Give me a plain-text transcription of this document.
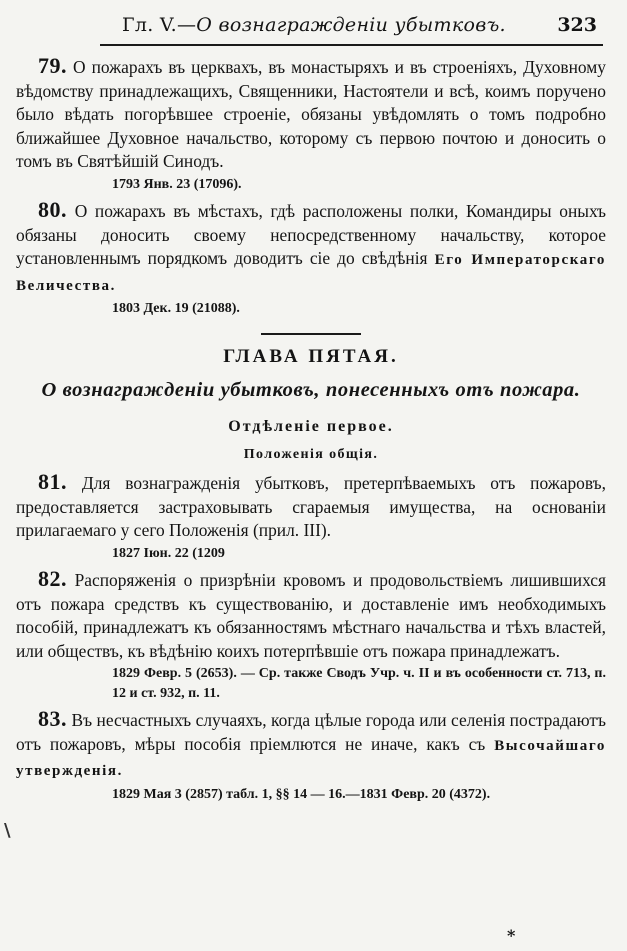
Гл. V.—О вознагражденіи убытковъ.	323

79. О пожарахъ въ церквахъ, въ монастыряхъ и въ строеніяхъ, Духовному вѣдомству принадлежащихъ, Священники, Настоятели и всѣ, коимъ поручено было вѣдать погорѣвшее строеніе, обязаны увѣдомлять о томъ подробно ближайшее Духовное начальство, которому съ первою почтою и доносить о томъ въ Святѣйшій Синодъ.

1793 Янв. 23 (17096).

80. О пожарахъ въ мѣстахъ, гдѣ расположены полки, Командиры оныхъ обязаны доносить своему непосредственному начальству, которое установленнымъ порядкомъ доводитъ сіе до свѣдѣнія Его Императорскаго Величества.

1803 Дек. 19 (21088).

ГЛАВА ПЯТАЯ.

О вознагражденіи убытковъ, понесенныхъ отъ пожара.

Отдѣленіе первое.

Положенія общія.

81. Для вознагражденія убытковъ, претерпѣваемыхъ отъ пожаровъ, предоставляется застраховывать сгараемыя имущества, на основаніи прилагаемаго у сего Положенія (прил. III).

1827 Іюн. 22 (1209

82. Распоряженія о призрѣніи кровомъ и продовольствіемъ лишившихся отъ пожара средствъ къ существованію, и доставленіе имъ необходимыхъ пособій, принадлежатъ къ обязанностямъ мѣстнаго начальства и тѣхъ властей, или обществъ, къ вѣдѣнію коихъ потерпѣвшіе отъ пожара принадлежатъ.

1829 Февр. 5 (2653). — Ср. также Сводъ Учр. ч. II и въ особенности ст. 713, п. 12 и ст. 932, п. 11.

83. Въ несчастныхъ случаяхъ, когда цѣлые города или селенія пострадаютъ отъ пожаровъ, мѣры пособія пріемлются не иначе, какъ съ Высочайшаго утвержденія.

1829 Мая 3 (2857) табл. 1, §§ 14 — 16.—1831 Февр. 20 (4372).

\
*
